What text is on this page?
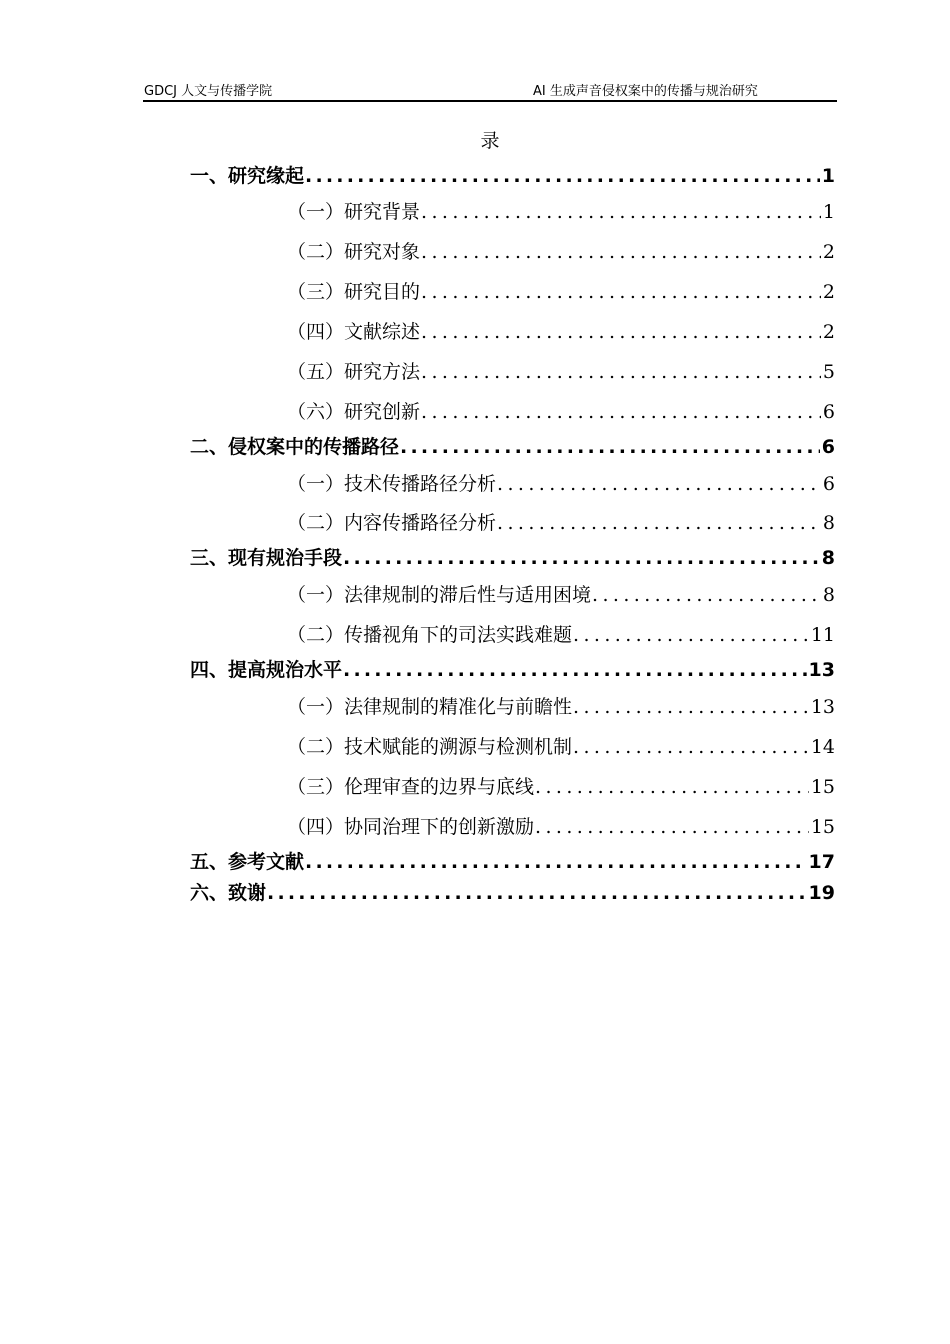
GDCJ 人文与传播学院	AI 生成声音侵权案中的传播与规治研究
录
一、 研究缘起 .....	1
（一） 研究背景 .....	1
（二） 研究对象 .....	2
（三） 研究目的 .....	2
（四） 文献综述 .....	2
（五） 研究方法 .....	5
（六） 研究创新 .....	6
二、 侵权案中的传播路径 .....	6
（一） 技术传播路径分析 .....	6
（二） 内容传播路径分析 .....	8
三、 现有规治手段 .....	8
（一） 法律规制的滞后性与适用困境 .....	8
（二） 传播视角下的司法实践难题 .....	11
四、 提高规治水平 .....	13
（一） 法律规制的精准化与前瞻性 .....	13
（二） 技术赋能的溯源与检测机制 .....	14
（三） 伦理审查的边界与底线 .....	15
（四） 协同治理下的创新激励 .....	15
五、 参考文献 .....	17
六、 致谢 .....	19
